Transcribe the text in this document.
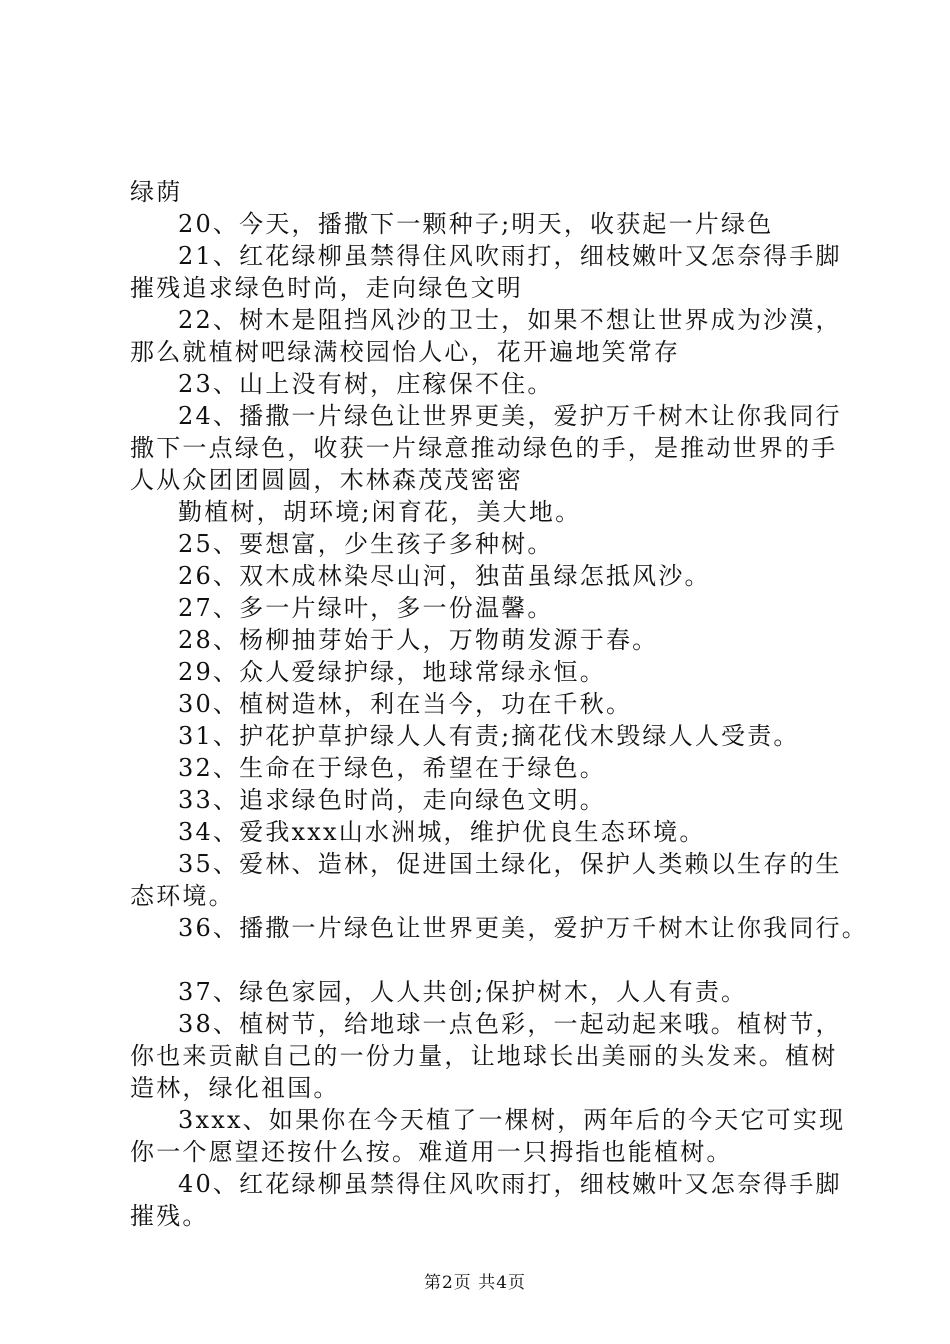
绿荫
20、今天，播撒下一颗种子;明天，收获起一片绿色
21、红花绿柳虽禁得住风吹雨打，细枝嫩叶又怎奈得手脚
摧残追求绿色时尚，走向绿色文明
22、树木是阻挡风沙的卫士，如果不想让世界成为沙漠，
那么就植树吧绿满校园怡人心，花开遍地笑常存
23、山上没有树，庄稼保不住。
24、播撒一片绿色让世界更美，爱护万千树木让你我同行
撒下一点绿色，收获一片绿意推动绿色的手，是推动世界的手
人从众团团圆圆，木林森茂茂密密
勤植树，胡环境;闲育花，美大地。
25、要想富，少生孩子多种树。
26、双木成林染尽山河，独苗虽绿怎抵风沙。
27、多一片绿叶，多一份温馨。
28、杨柳抽芽始于人，万物萌发源于春。
29、众人爱绿护绿，地球常绿永恒。
30、植树造林，利在当今，功在千秋。
31、护花护草护绿人人有责;摘花伐木毁绿人人受责。
32、生命在于绿色，希望在于绿色。
33、追求绿色时尚，走向绿色文明。
34、爱我xxx山水洲城，维护优良生态环境。
35、爱林、造林，促进国土绿化，保护人类赖以生存的生
态环境。
36、播撒一片绿色让世界更美，爱护万千树木让你我同行。
37、绿色家园，人人共创;保护树木，人人有责。
38、植树节，给地球一点色彩，一起动起来哦。植树节，
你也来贡献自己的一份力量，让地球长出美丽的头发来。植树
造林，绿化祖国。
3xxx、如果你在今天植了一棵树，两年后的今天它可实现
你一个愿望还按什么按。难道用一只拇指也能植树。
40、红花绿柳虽禁得住风吹雨打，细枝嫩叶又怎奈得手脚
摧残。
第2页 共4页
